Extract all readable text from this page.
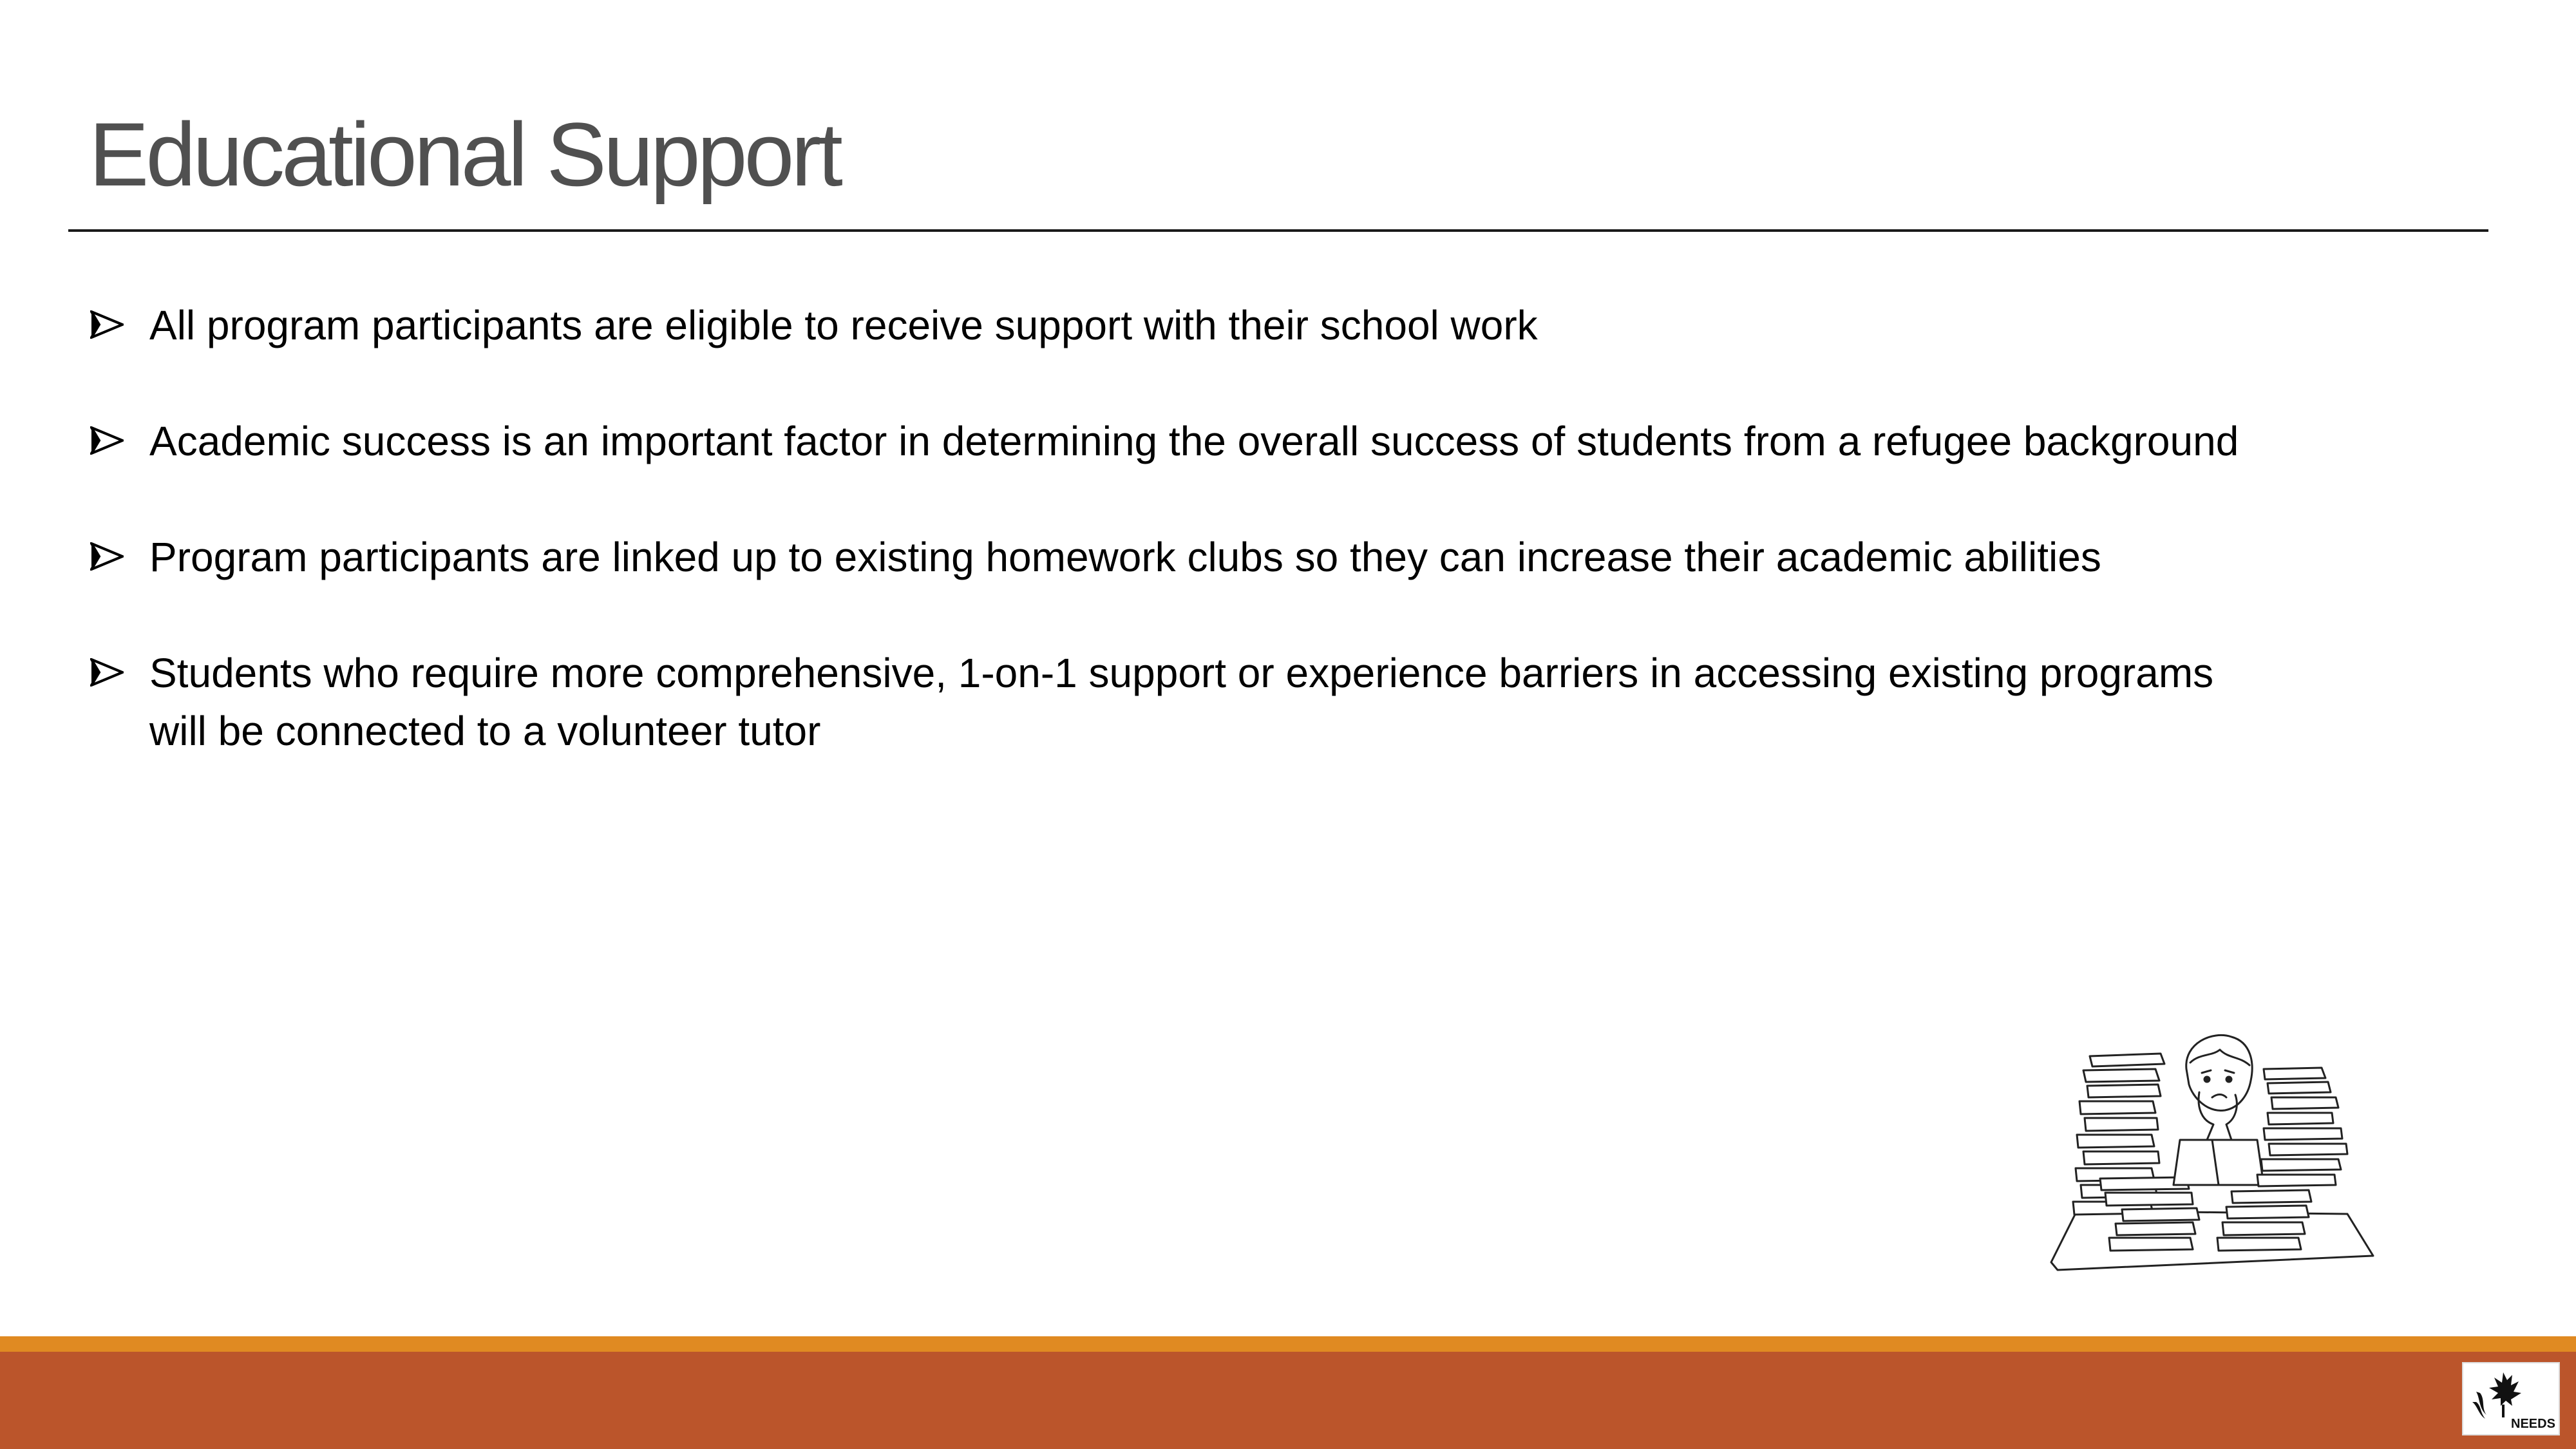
Educational Support
All program participants are eligible to receive support with their school work
Academic success is an important factor in determining the overall success of students from a refugee background
Program participants are linked up to existing homework clubs so they can increase their academic abilities
Students who require more comprehensive, 1-on-1 support or experience barriers in accessing existing programs will be connected to a volunteer tutor
NEEDS
